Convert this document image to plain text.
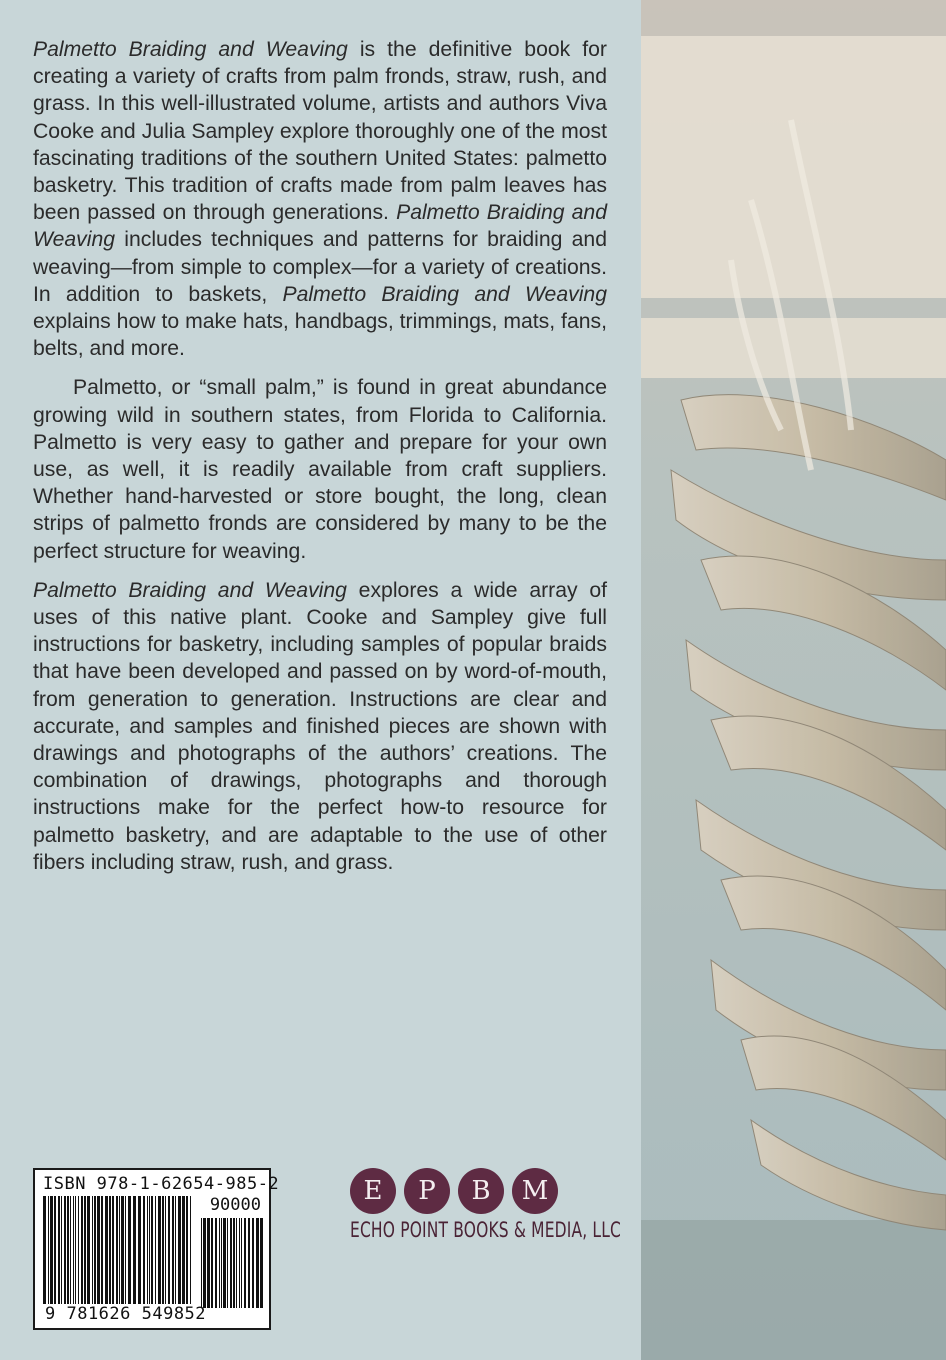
Palmetto Braiding and Weaving is the definitive book for creating a variety of crafts from palm fronds, straw, rush, and grass. In this well-illustrated volume, artists and authors Viva Cooke and Julia Sampley explore thoroughly one of the most fascinating traditions of the southern United States: palmetto basketry. This tradition of crafts made from palm leaves has been passed on through generations. Palmetto Braiding and Weaving includes techniques and patterns for braiding and weaving—from simple to complex—for a variety of creations. In addition to baskets, Palmetto Braiding and Weaving explains how to make hats, handbags, trimmings, mats, fans, belts, and more.

Palmetto, or “small palm,” is found in great abundance growing wild in southern states, from Florida to California. Palmetto is very easy to gather and prepare for your own use, as well, it is readily available from craft suppliers. Whether hand-harvested or store bought, the long, clean strips of palmetto fronds are considered by many to be the perfect structure for weaving.

Palmetto Braiding and Weaving explores a wide array of uses of this native plant. Cooke and Sampley give full instructions for basketry, including samples of popular braids that have been developed and passed on by word-of-mouth, from generation to generation. Instructions are clear and accurate, and samples and finished pieces are shown with drawings and photographs of the authors’ creations. The combination of drawings, photographs and thorough instructions make for the perfect how-to resource for palmetto basketry, and are adaptable to the use of other fibers including straw, rush, and grass.

ISBN 978-1-62654-985-2
90000
9 781626 549852
E	P	B	M
ECHO POINT BOOKS & MEDIA, LLC
